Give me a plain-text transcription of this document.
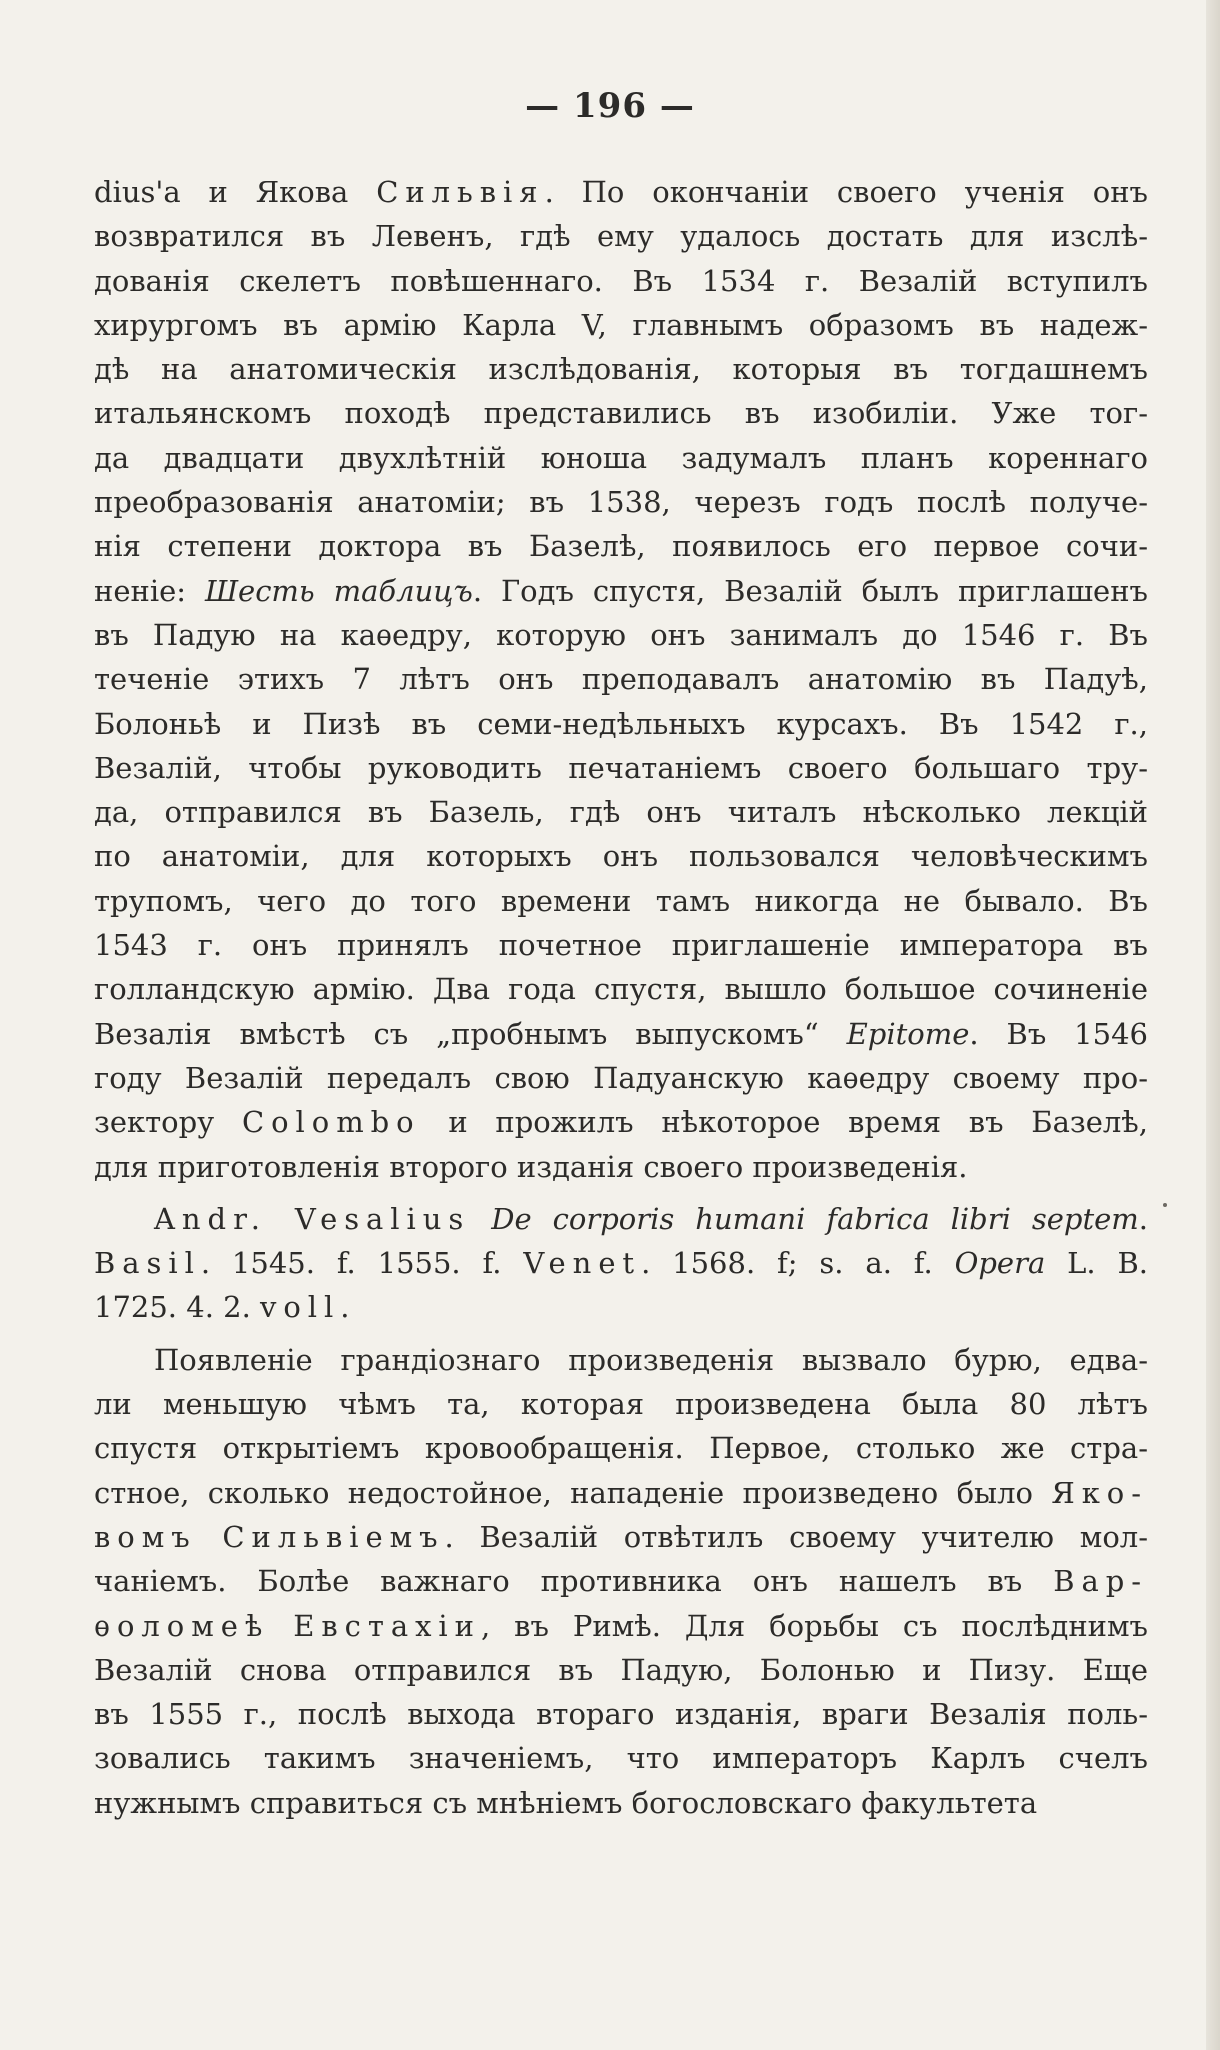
— 196 —
dius'a и Якова Сильвія. По окончаніи своего ученія онъ
возвратился въ Левенъ, гдѣ ему удалось достать для изслѣ-
дованія скелетъ повѣшеннаго. Въ 1534 г. Везалій вступилъ
хирургомъ въ армію Карла V, главнымъ образомъ въ надеж-
дѣ на анатомическія изслѣдованія, которыя въ тогдашнемъ
итальянскомъ походѣ представились въ изобиліи. Уже тог-
да двадцати двухлѣтній юноша задумалъ планъ кореннаго
преобразованія анатоміи; въ 1538, черезъ годъ послѣ получе-
нія степени доктора въ Базелѣ, появилось его первое сочи-
неніе: Шесть таблицъ. Годъ спустя, Везалій былъ приглашенъ
въ Падую на каѳедру, которую онъ занималъ до 1546 г. Въ
теченіе этихъ 7 лѣтъ онъ преподавалъ анатомію въ Падуѣ,
Болоньѣ и Пизѣ въ семи-недѣльныхъ курсахъ. Въ 1542 г.,
Везалій, чтобы руководить печатаніемъ своего большаго тру-
да, отправился въ Базель, гдѣ онъ читалъ нѣсколько лекцій
по анатоміи, для которыхъ онъ пользовался человѣческимъ
трупомъ, чего до того времени тамъ никогда не бывало. Въ
1543 г. онъ принялъ почетное приглашеніе императора въ
голландскую армію. Два года спустя, вышло большое сочиненіе
Везалія вмѣстѣ съ „пробнымъ выпускомъ“ Epitome. Въ 1546
году Везалій передалъ свою Падуанскую каѳедру своему про-
зектору Colombo и прожилъ нѣкоторое время въ Базелѣ,
для приготовленія второго изданія своего произведенія.
Andr. Vesalius De corporis humani fabrica libri septem.
Basil. 1545. f. 1555. f. Venet. 1568. f; s. a. f. Opera L. B.
1725. 4. 2. voll.
Появленіе грандіознаго произведенія вызвало бурю, едва-
ли меньшую чѣмъ та, которая произведена была 80 лѣтъ
спустя открытіемъ кровообращенія. Первое, столько же стра-
стное, сколько недостойное, нападеніе произведено было Яко-
вомъ Сильвіемъ. Везалій отвѣтилъ своему учителю мол-
чаніемъ. Болѣе важнаго противника онъ нашелъ въ Вар-
ѳоломеѣ Евстахіи, въ Римѣ. Для борьбы съ послѣднимъ
Везалій снова отправился въ Падую, Болонью и Пизу. Еще
въ 1555 г., послѣ выхода втораго изданія, враги Везалія поль-
зовались такимъ значеніемъ, что императоръ Карлъ счелъ
нужнымъ справиться съ мнѣніемъ богословскаго факультета
